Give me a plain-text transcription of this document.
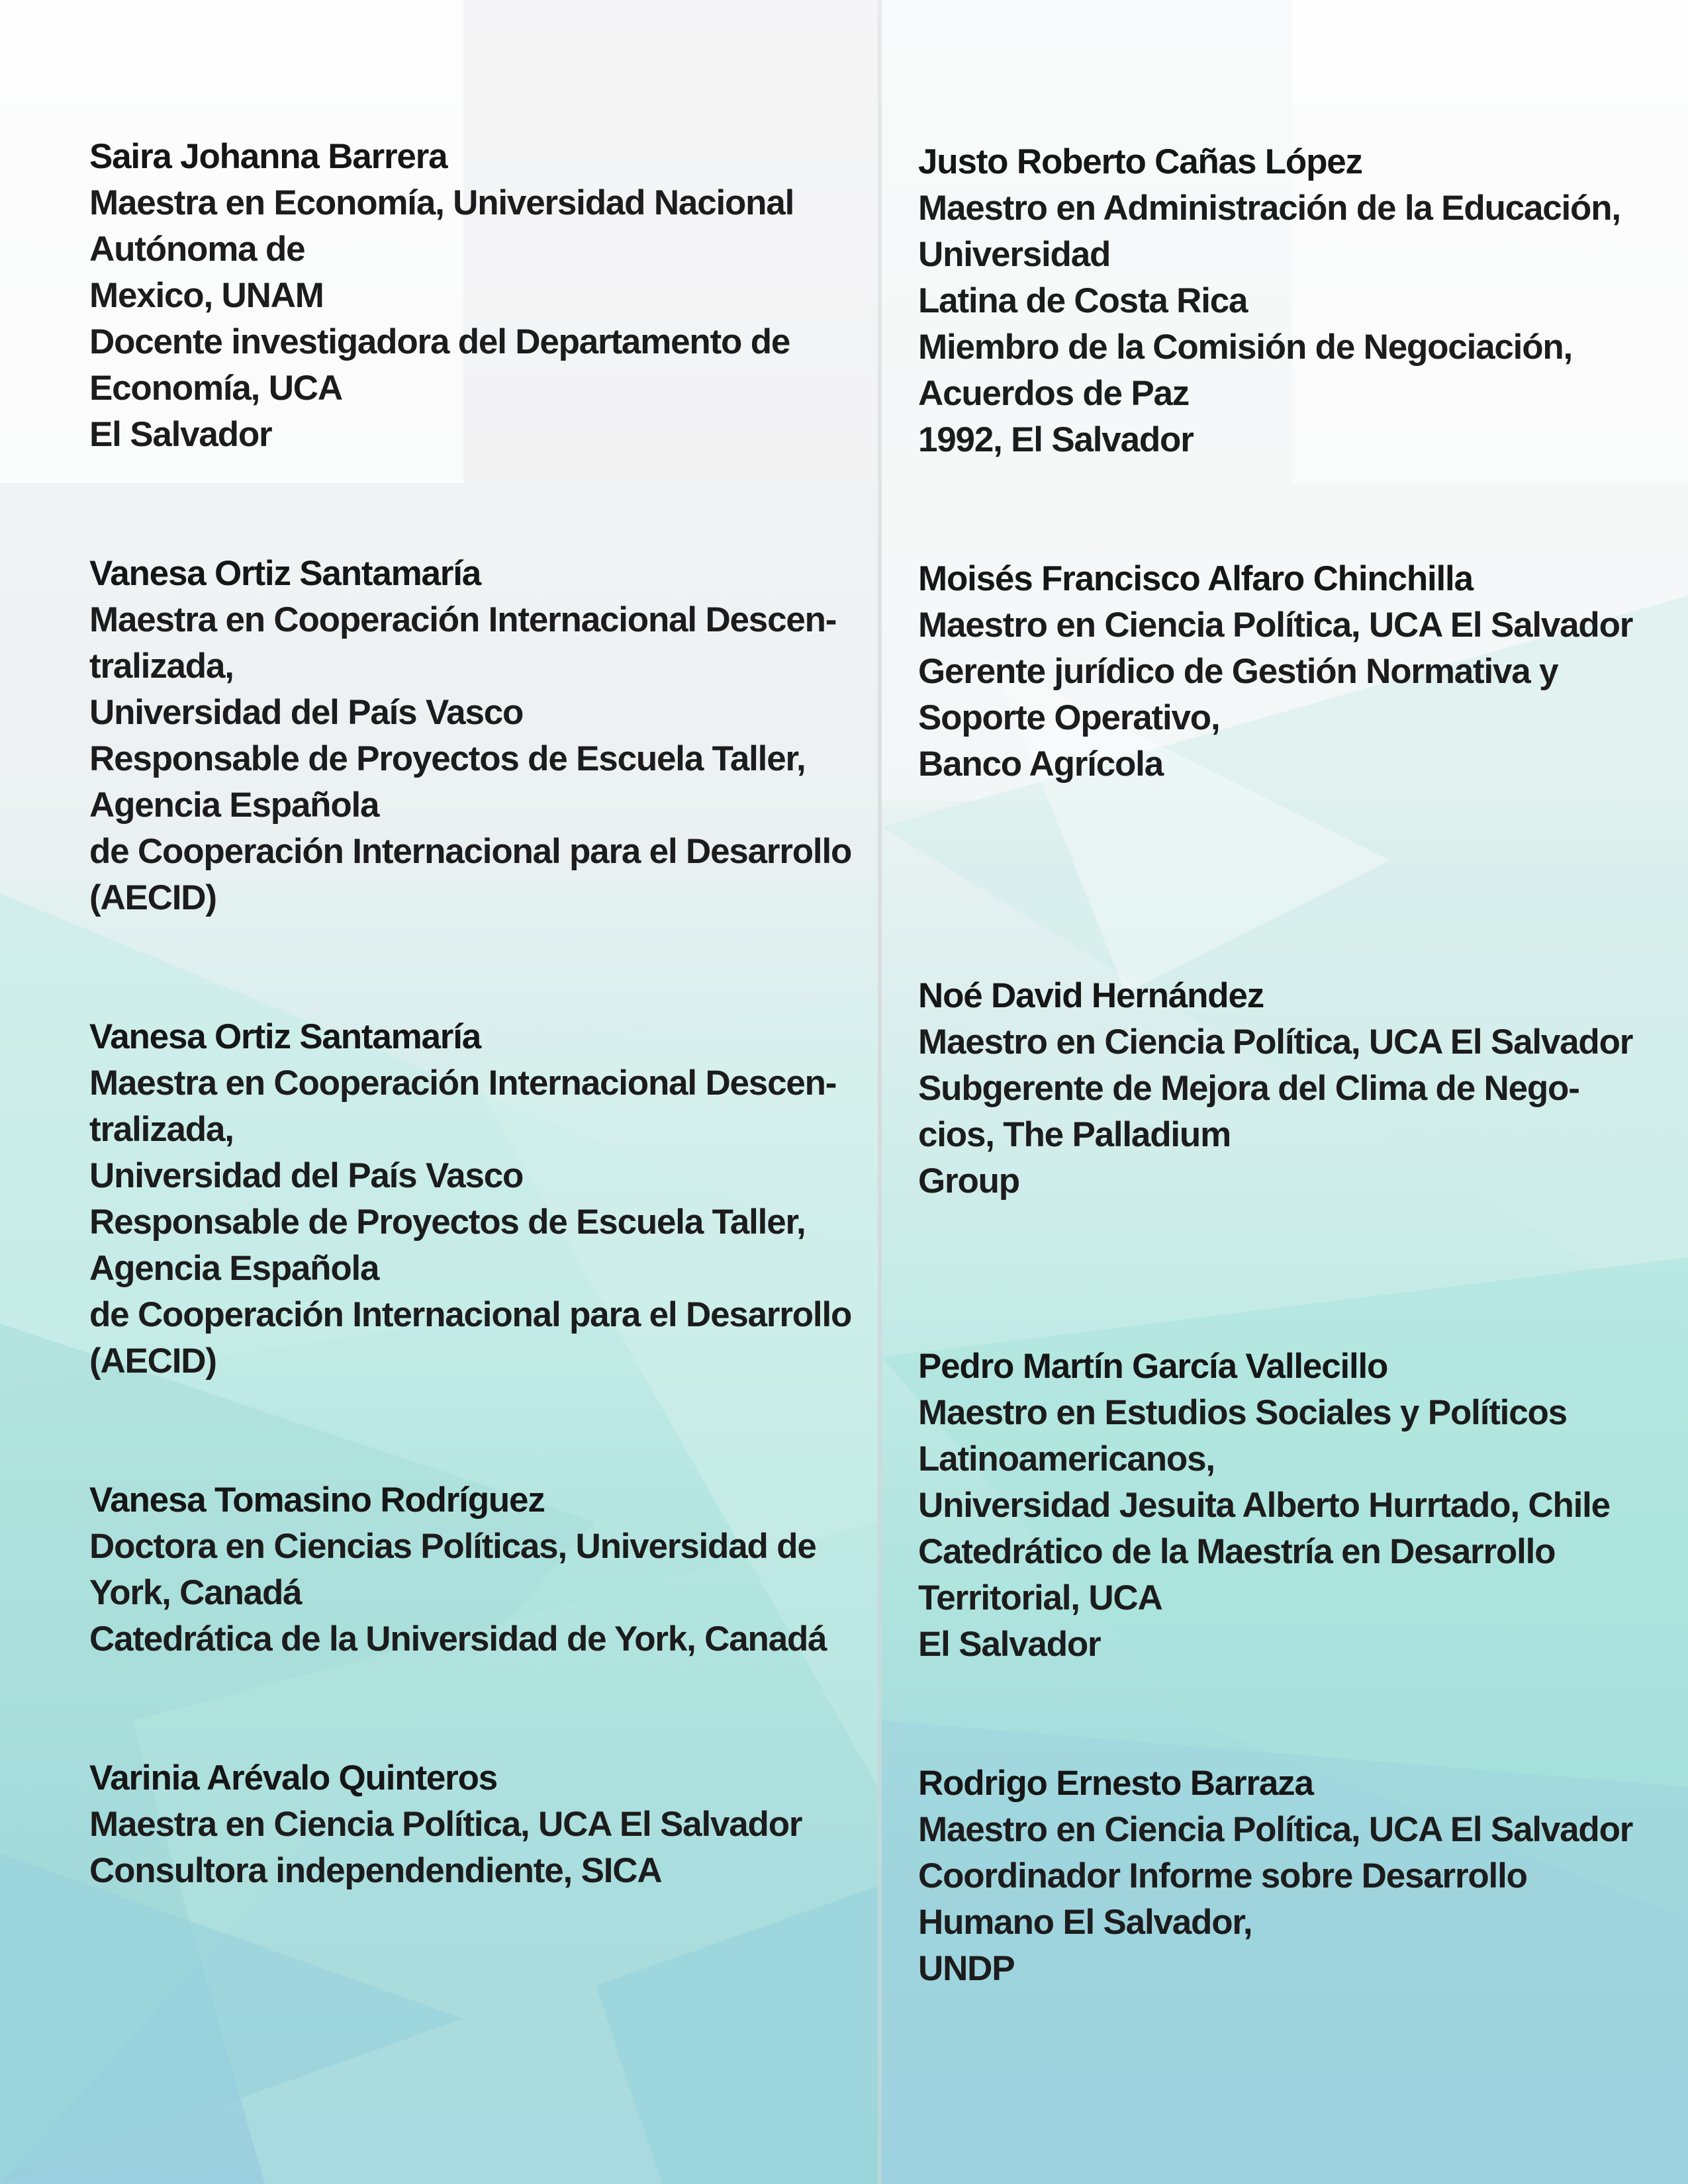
Saira Johanna Barrera
Maestra en Economía, Universidad Nacional
Autónoma de
Mexico, UNAM
Docente investigadora del Departamento de
Economía, UCA
El Salvador
Vanesa Ortiz Santamaría
Maestra en Cooperación Internacional Descen-
tralizada,
Universidad del País Vasco
Responsable de Proyectos de Escuela Taller,
Agencia Española
de Cooperación Internacional para el Desarrollo
(AECID)
Vanesa Ortiz Santamaría
Maestra en Cooperación Internacional Descen-
tralizada,
Universidad del País Vasco
Responsable de Proyectos de Escuela Taller,
Agencia Española
de Cooperación Internacional para el Desarrollo
(AECID)
Vanesa Tomasino Rodríguez
Doctora en Ciencias Políticas, Universidad de
York, Canadá
Catedrática de la Universidad de York, Canadá
Varinia Arévalo Quinteros
Maestra en Ciencia Política, UCA El Salvador
Consultora independendiente, SICA
Justo Roberto Cañas López
Maestro en Administración de la Educación,
Universidad
Latina de Costa Rica
Miembro de la Comisión de Negociación,
Acuerdos de Paz
1992, El Salvador
Moisés Francisco Alfaro Chinchilla
Maestro en Ciencia Política, UCA El Salvador
Gerente jurídico de Gestión Normativa y
Soporte Operativo,
Banco Agrícola
Noé David Hernández
Maestro en Ciencia Política, UCA El Salvador
Subgerente de Mejora del Clima de Nego-
cios, The Palladium
Group
Pedro Martín García Vallecillo
Maestro en Estudios Sociales y Políticos
Latinoamericanos,
Universidad Jesuita Alberto Hurrtado, Chile
Catedrático de la Maestría en Desarrollo
Territorial, UCA
El Salvador
Rodrigo Ernesto Barraza
Maestro en Ciencia Política, UCA El Salvador
Coordinador Informe sobre Desarrollo
Humano El Salvador,
UNDP
